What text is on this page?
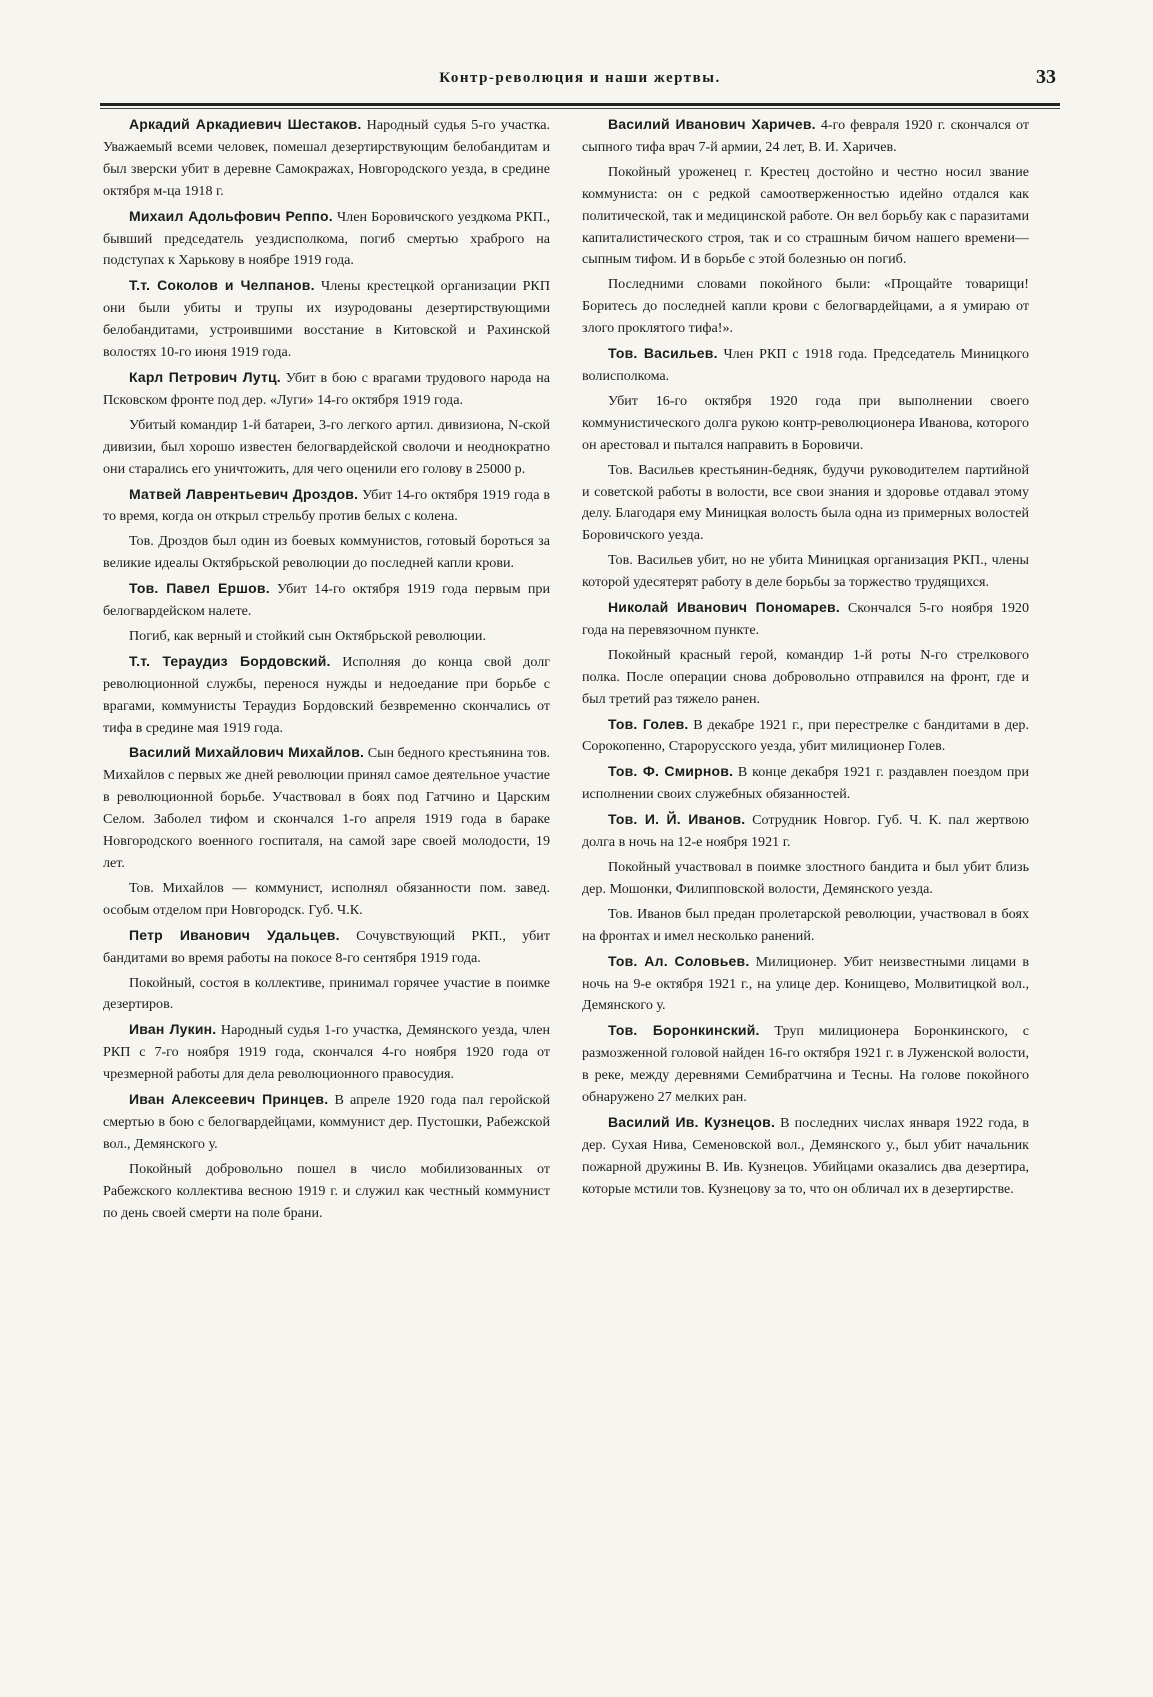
Контр-революция и наши жертвы.	33

Аркадий Аркадиевич Шестаков. Народный судья 5-го участка. Уважаемый всеми человек, помешал дезертирствующим белобандитам и был зверски убит в деревне Самокражах, Новгородского уезда, в средине октября м-ца 1918 г.

Михаил Адольфович Реппо. Член Боровичского уездкома РКП., бывший председатель уездисполкома, погиб смертью храброго на подступах к Харькову в ноябре 1919 года.

Т.т. Соколов и Челпанов. Члены крестецкой организации РКП они были убиты и трупы их изуродованы дезертирствующими белобандитами, устроившими восстание в Китовской и Рахинской волостях 10-го июня 1919 года.

Карл Петрович Лутц. Убит в бою с врагами трудового народа на Псковском фронте под дер. «Луги» 14-го октября 1919 года.

Убитый командир 1-й батареи, 3-го легкого артил. дивизиона, N-ской дивизии, был хорошо известен белогвардейской сволочи и неоднократно они старались его уничтожить, для чего оценили его голову в 25000 р.

Матвей Лаврентьевич Дроздов. Убит 14-го октября 1919 года в то время, когда он открыл стрельбу против белых с колена.

Тов. Дроздов был один из боевых коммунистов, готовый бороться за великие идеалы Октябрьской революции до последней капли крови.

Тов. Павел Ершов. Убит 14-го октября 1919 года первым при белогвардейском налете.

Погиб, как верный и стойкий сын Октябрьской революции.

Т.т. Тераудиз Бордовский. Исполняя до конца свой долг революционной службы, перенося нужды и недоедание при борьбе с врагами, коммунисты Тераудиз Бордовский безвременно скончались от тифа в средине мая 1919 года.

Василий Михайлович Михайлов. Сын бедного крестьянина тов. Михайлов с первых же дней революции принял самое деятельное участие в революционной борьбе. Участвовал в боях под Гатчино и Царским Селом. Заболел тифом и скончался 1-го апреля 1919 года в бараке Новгородского военного госпиталя, на самой заре своей молодости, 19 лет.

Тов. Михайлов — коммунист, исполнял обязанности пом. завед. особым отделом при Новгородск. Губ. Ч.К.

Петр Иванович Удальцев. Сочувствующий РКП., убит бандитами во время работы на покосе 8-го сентября 1919 года.

Покойный, состоя в коллективе, принимал горячее участие в поимке дезертиров.

Иван Лукин. Народный судья 1-го участка, Демянского уезда, член РКП с 7-го ноября 1919 года, скончался 4-го ноября 1920 года от чрезмерной работы для дела революционного правосудия.

Иван Алексеевич Принцев. В апреле 1920 года пал геройской смертью в бою с белогвардейцами, коммунист дер. Пустошки, Рабежской вол., Демянского у.

Покойный добровольно пошел в число мобилизованных от Рабежского коллектива весною 1919 г. и служил как честный коммунист по день своей смерти на поле брани.

Василий Иванович Харичев. 4-го февраля 1920 г. скончался от сыпного тифа врач 7-й армии, 24 лет, В. И. Харичев.

Покойный уроженец г. Крестец достойно и честно носил звание коммуниста: он с редкой самоотверженностью идейно отдался как политической, так и медицинской работе. Он вел борьбу как с паразитами капиталистического строя, так и со страшным бичом нашего времени—сыпным тифом. И в борьбе с этой болезнью он погиб.

Последними словами покойного были: «Прощайте товарищи! Боритесь до последней капли крови с белогвардейцами, а я умираю от злого проклятого тифа!».

Тов. Васильев. Член РКП с 1918 года. Председатель Миницкого волисполкома.

Убит 16-го октября 1920 года при выполнении своего коммунистического долга рукою контр-революционера Иванова, которого он арестовал и пытался направить в Боровичи.

Тов. Васильев крестьянин-бедняк, будучи руководителем партийной и советской работы в волости, все свои знания и здоровье отдавал этому делу. Благодаря ему Миницкая волость была одна из примерных волостей Боровичского уезда.

Тов. Васильев убит, но не убита Миницкая организация РКП., члены которой удесятерят работу в деле борьбы за торжество трудящихся.

Николай Иванович Пономарев. Скончался 5-го ноября 1920 года на перевязочном пункте.

Покойный красный герой, командир 1-й роты N-го стрелкового полка. После операции снова добровольно отправился на фронт, где и был третий раз тяжело ранен.

Тов. Голев. В декабре 1921 г., при перестрелке с бандитами в дер. Сорокопенно, Старорусского уезда, убит милиционер Голев.

Тов. Ф. Смирнов. В конце декабря 1921 г. раздавлен поездом при исполнении своих служебных обязанностей.

Тов. И. Й. Иванов. Сотрудник Новгор. Губ. Ч. К. пал жертвою долга в ночь на 12-е ноября 1921 г.

Покойный участвовал в поимке злостного бандита и был убит близь дер. Мошонки, Филипповской волости, Демянского уезда.

Тов. Иванов был предан пролетарской революции, участвовал в боях на фронтах и имел несколько ранений.

Тов. Ал. Соловьев. Милиционер. Убит неизвестными лицами в ночь на 9-е октября 1921 г., на улице дер. Конищево, Молвитицкой вол., Демянского у.

Тов. Боронкинский. Труп милиционера Боронкинского, с размозженной головой найден 16-го октября 1921 г. в Луженской волости, в реке, между деревнями Семибратчина и Тесны. На голове покойного обнаружено 27 мелких ран.

Василий Ив. Кузнецов. В последних числах января 1922 года, в дер. Сухая Нива, Семеновской вол., Демянского у., был убит начальник пожарной дружины В. Ив. Кузнецов. Убийцами оказались два дезертира, которые мстили тов. Кузнецову за то, что он обличал их в дезертирстве.
